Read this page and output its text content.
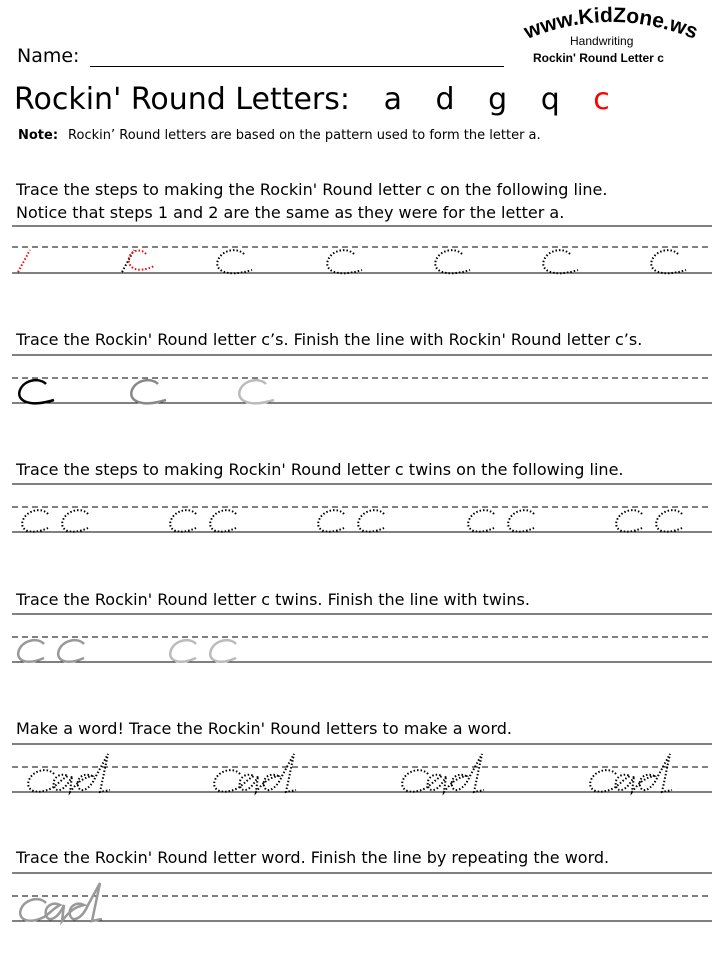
Name:
www.KidZone.ws
Handwriting
Rockin' Round Letter c
Rockin' Round Letters: a d g q c
Note: Rockin’ Round letters are based on the pattern used to form the letter a.
Trace the steps to making the Rockin' Round letter c on the following line.
Notice that steps 1 and 2 are the same as they were for the letter a.
Trace the Rockin' Round letter c’s. Finish the line with Rockin' Round letter c’s.
Trace the steps to making Rockin' Round letter c twins on the following line.
Trace the Rockin' Round letter c twins. Finish the line with twins.
Make a word! Trace the Rockin' Round letters to make a word.
Trace the Rockin' Round letter word. Finish the line by repeating the word.
